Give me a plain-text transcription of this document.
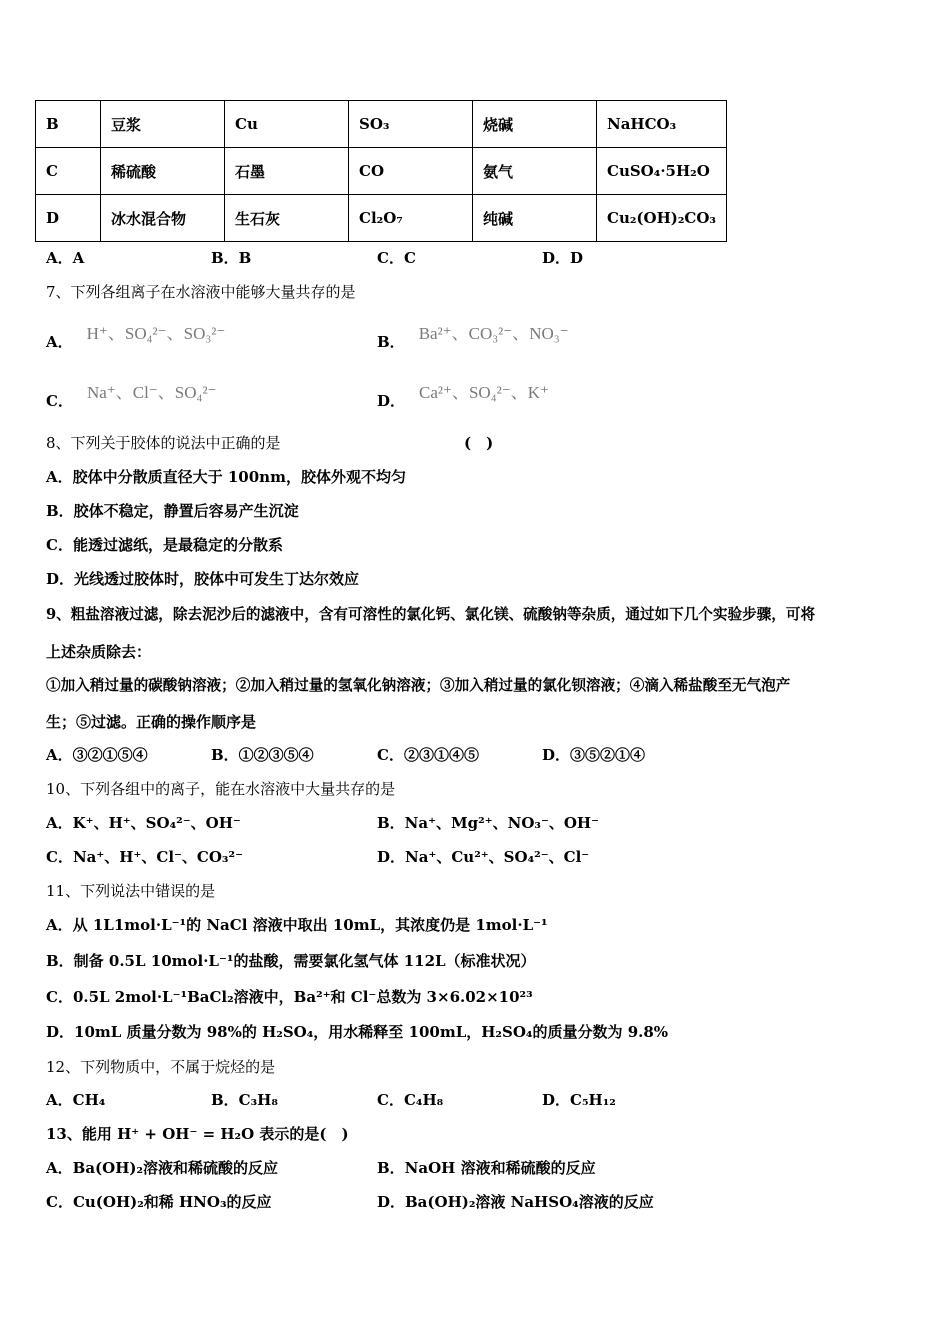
B	豆浆	Cu	SO₃	烧碱	NaHCO₃
C	稀硫酸	石墨	CO	氨气	CuSO₄·5H₂O
D	冰水混合物	生石灰	Cl₂O₇	纯碱	Cu₂(OH)₂CO₃
A．A	B．B	C．C	D．D
7、下列各组离子在水溶液中能够大量共存的是
A． H⁺、SO₄²⁻、SO₃²⁻	B． Ba²⁺、CO₃²⁻、NO₃⁻
C． Na⁺、Cl⁻、SO₄²⁻	D． Ca²⁺、SO₄²⁻、K⁺
8、下列关于胶体的说法中正确的是	(　)
A．胶体中分散质直径大于 100nm，胶体外观不均匀
B．胶体不稳定，静置后容易产生沉淀
C．能透过滤纸，是最稳定的分散系
D．光线透过胶体时，胶体中可发生丁达尔效应
9、粗盐溶液过滤，除去泥沙后的滤液中，含有可溶性的氯化钙、氯化镁、硫酸钠等杂质，通过如下几个实验步骤，可将
上述杂质除去：
①加入稍过量的碳酸钠溶液；②加入稍过量的氢氧化钠溶液；③加入稍过量的氯化钡溶液；④滴入稀盐酸至无气泡产
生；⑤过滤。正确的操作顺序是
A．③②①⑤④	B．①②③⑤④	C．②③①④⑤	D．③⑤②①④
10、下列各组中的离子，能在水溶液中大量共存的是
A．K⁺、H⁺、SO₄²⁻、OH⁻	B．Na⁺、Mg²⁺、NO₃⁻、OH⁻
C．Na⁺、H⁺、Cl⁻、CO₃²⁻	D．Na⁺、Cu²⁺、SO₄²⁻、Cl⁻
11、下列说法中错误的是
A．从 1L1mol·L⁻¹的 NaCl 溶液中取出 10mL，其浓度仍是 1mol·L⁻¹
B．制备 0.5L 10mol·L⁻¹的盐酸，需要氯化氢气体 112L（标准状况）
C．0.5L 2mol·L⁻¹BaCl₂溶液中，Ba²⁺和 Cl⁻总数为 3×6.02×10²³
D．10mL 质量分数为 98%的 H₂SO₄，用水稀释至 100mL，H₂SO₄的质量分数为 9.8%
12、下列物质中，不属于烷烃的是
A．CH₄	B．C₃H₈	C．C₄H₈	D．C₅H₁₂
13、能用 H⁺ + OH⁻ = H₂O 表示的是(　)
A．Ba(OH)₂溶液和稀硫酸的反应	B．NaOH 溶液和稀硫酸的反应
C．Cu(OH)₂和稀 HNO₃的反应	D．Ba(OH)₂溶液 NaHSO₄溶液的反应
